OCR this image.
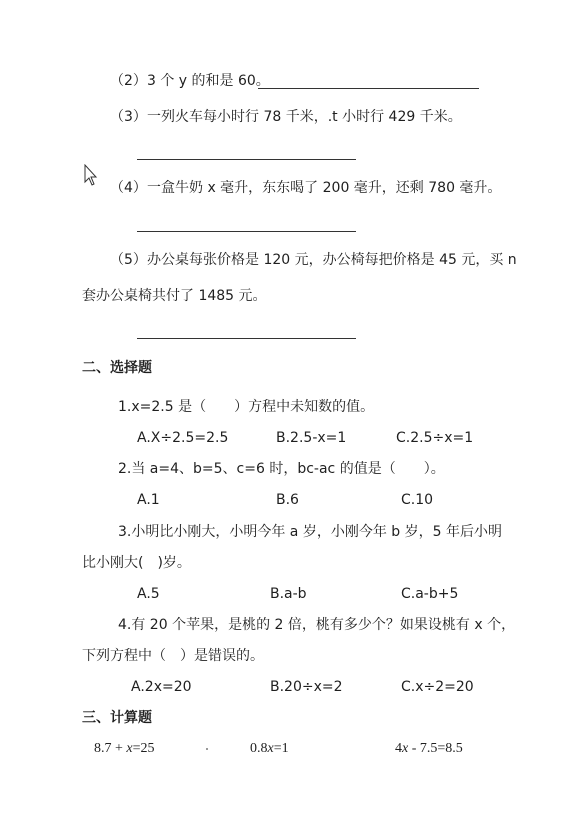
（2） 3 个 y 的和是 60。
（3） 一列火车每小时行 78 千米，.t 小时行 429 千米。
（4） 一盒牛奶 x 毫升，东东喝了 200 毫升，还剩 780 毫升。
（5） 办公桌每张价格是 120 元，办公椅每把价格是 45 元，买 n
套办公桌椅共付了 1485 元。
二、选择题
1.x=2.5 是（　　）方程中未知数的值。
A.X÷2.5=2.5	B.2.5-x=1	C.2.5÷x=1
2.当 a=4、b=5、c=6 时，bc-ac 的值是（　　）。
A.1	B.6	C.10
3.小明比小刚大，小明今年 a 岁，小刚今年 b 岁，5 年后小明
比小刚大(　)岁。
A.5	B.a-b	C.a-b+5
4.有 20 个苹果，是桃的 2 倍，桃有多少个？如果设桃有 x 个，
下列方程中（　）是错误的。
A.2x=20	B.20÷x=2	C.x÷2=20
三、计算题
8.7 + x=25	0.8x=1	4x - 7.5=8.5
